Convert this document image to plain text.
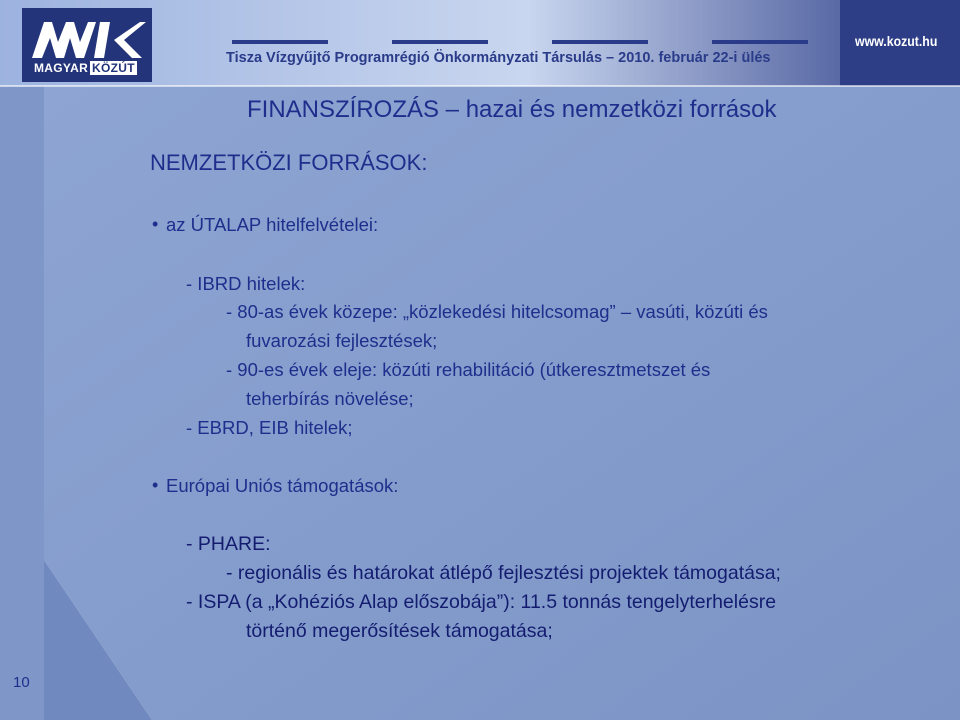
MAGYAR KÖZÚT
www.kozut.hu
Tisza Vízgyűjtő Programrégió Önkormányzati Társulás – 2010. február 22-i ülés
FINANSZÍROZÁS – hazai és nemzetközi források
NEMZETKÖZI FORRÁSOK:
• az ÚTALAP hitelfelvételei:
- IBRD hitelek:
- 80-as évek közepe: „közlekedési hitelcsomag” – vasúti, közúti és
fuvarozási fejlesztések;
- 90-es évek eleje: közúti rehabilitáció (útkeresztmetszet és
teherbírás növelése;
- EBRD, EIB hitelek;
• Európai Uniós támogatások:
- PHARE:
- regionális és határokat átlépő fejlesztési projektek támogatása;
- ISPA (a „Kohéziós Alap előszobája”): 11.5 tonnás tengelyterhelésre
történő megerősítések támogatása;
10
